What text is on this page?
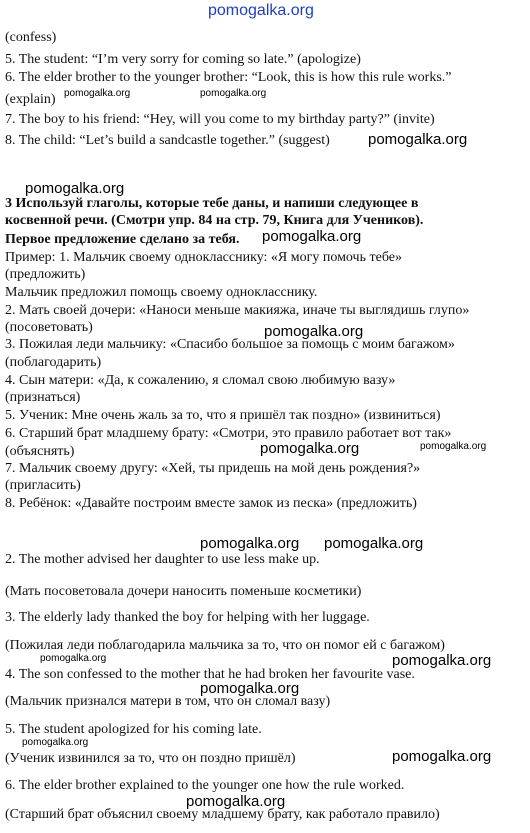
pomogalka.org
(confess)
5. The student: “I’m very sorry for coming so late.” (apologize)
6. The elder brother to the younger brother: “Look, this is how this rule works.”
(explain)
7. The boy to his friend: “Hey, will you come to my birthday party?” (invite)
8. The child: “Let’s build a sandcastle together.” (suggest)
pomogalka.org	pomogalka.org
pomogalka.org
pomogalka.org
3 Используй глаголы, которые тебе даны, и напиши следующее в
косвенной речи. (Смотри упр. 84 на стр. 79, Книга для Учеников).
Первое предложение сделано за тебя. pomogalka.org
Пример: 1. Мальчик своему однокласснику: «Я могу помочь тебе»
(предложить)
Мальчик предложил помощь своему однокласснику.
2. Мать своей дочери: «Наноси меньше макияжа, иначе ты выглядишь глупо»
(посоветовать)	pomogalka.org
3. Пожилая леди мальчику: «Спасибо большое за помощь с моим багажом»
(поблагодарить)
4. Сын матери: «Да, к сожалению, я сломал свою любимую вазу»
(признаться)
5. Ученик: Мне очень жаль за то, что я пришёл так поздно» (извиниться)
6. Старший брат младшему брату: «Смотри, это правило работает вот так»
(объяснять)	pomogalka.org	pomogalka.org
7. Мальчик своему другу: «Хей, ты придешь на мой день рождения?»
(пригласить)
8. Ребёнок: «Давайте построим вместе замок из песка» (предложить)
pomogalka.org pomogalka.org
2. The mother advised her daughter to use less make up.
(Мать посоветовала дочери наносить поменьше косметики)
3. The elderly lady thanked the boy for helping with her luggage.
(Пожилая леди поблагодарила мальчика за то, что он помог ей с багажом)
pomogalka.org	pomogalka.org
4. The son confessed to the mother that he had broken her favourite vase.
pomogalka.org
(Мальчик признался матери в том, что он сломал вазу)
5. The student apologized for his coming late.
pomogalka.org
pomogalka.org
(Ученик извинился за то, что он поздно пришёл)
6. The elder brother explained to the younger one how the rule worked.
pomogalka.org
(Старший брат объяснил своему младшему брату, как работало правило)
